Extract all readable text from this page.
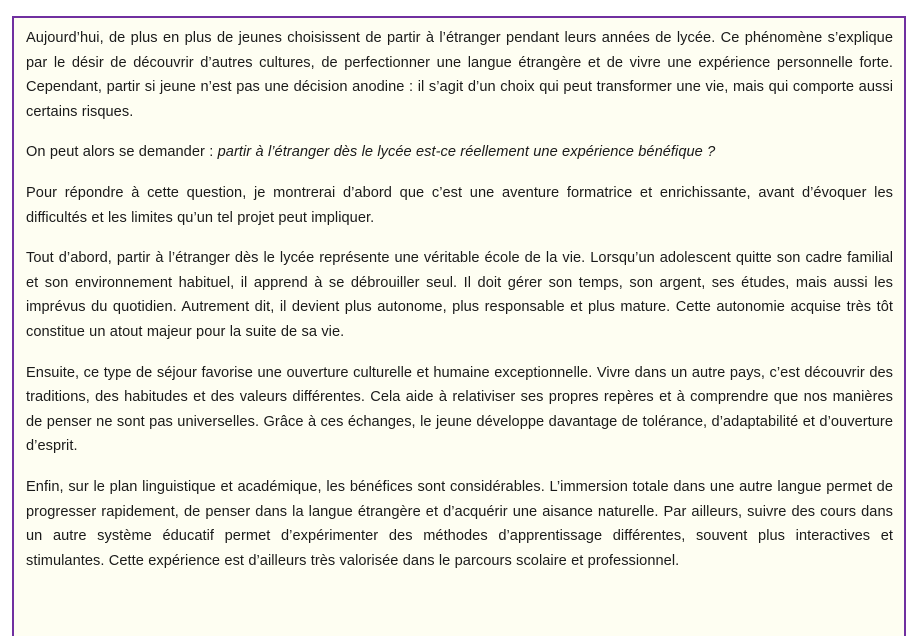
Aujourd’hui, de plus en plus de jeunes choisissent de partir à l’étranger pendant leurs années de lycée. Ce phénomène s’explique par le désir de découvrir d’autres cultures, de perfectionner une langue étrangère et de vivre une expérience personnelle forte. Cependant, partir si jeune n’est pas une décision anodine : il s’agit d’un choix qui peut transformer une vie, mais qui comporte aussi certains risques.

On peut alors se demander : partir à l’étranger dès le lycée est-ce réellement une expérience bénéfique ?

Pour répondre à cette question, je montrerai d’abord que c’est une aventure formatrice et enrichissante, avant d’évoquer les difficultés et les limites qu’un tel projet peut impliquer.

Tout d’abord, partir à l’étranger dès le lycée représente une véritable école de la vie. Lorsqu’un adolescent quitte son cadre familial et son environnement habituel, il apprend à se débrouiller seul. Il doit gérer son temps, son argent, ses études, mais aussi les imprévus du quotidien. Autrement dit, il devient plus autonome, plus responsable et plus mature. Cette autonomie acquise très tôt constitue un atout majeur pour la suite de sa vie.

Ensuite, ce type de séjour favorise une ouverture culturelle et humaine exceptionnelle. Vivre dans un autre pays, c’est découvrir des traditions, des habitudes et des valeurs différentes. Cela aide à relativiser ses propres repères et à comprendre que nos manières de penser ne sont pas universelles. Grâce à ces échanges, le jeune développe davantage de tolérance, d’adaptabilité et d’ouverture d’esprit.

Enfin, sur le plan linguistique et académique, les bénéfices sont considérables. L’immersion totale dans une autre langue permet de progresser rapidement, de penser dans la langue étrangère et d’acquérir une aisance naturelle. Par ailleurs, suivre des cours dans un autre système éducatif permet d’expérimenter des méthodes d’apprentissage différentes, souvent plus interactives et stimulantes. Cette expérience est d’ailleurs très valorisée dans le parcours scolaire et professionnel.
